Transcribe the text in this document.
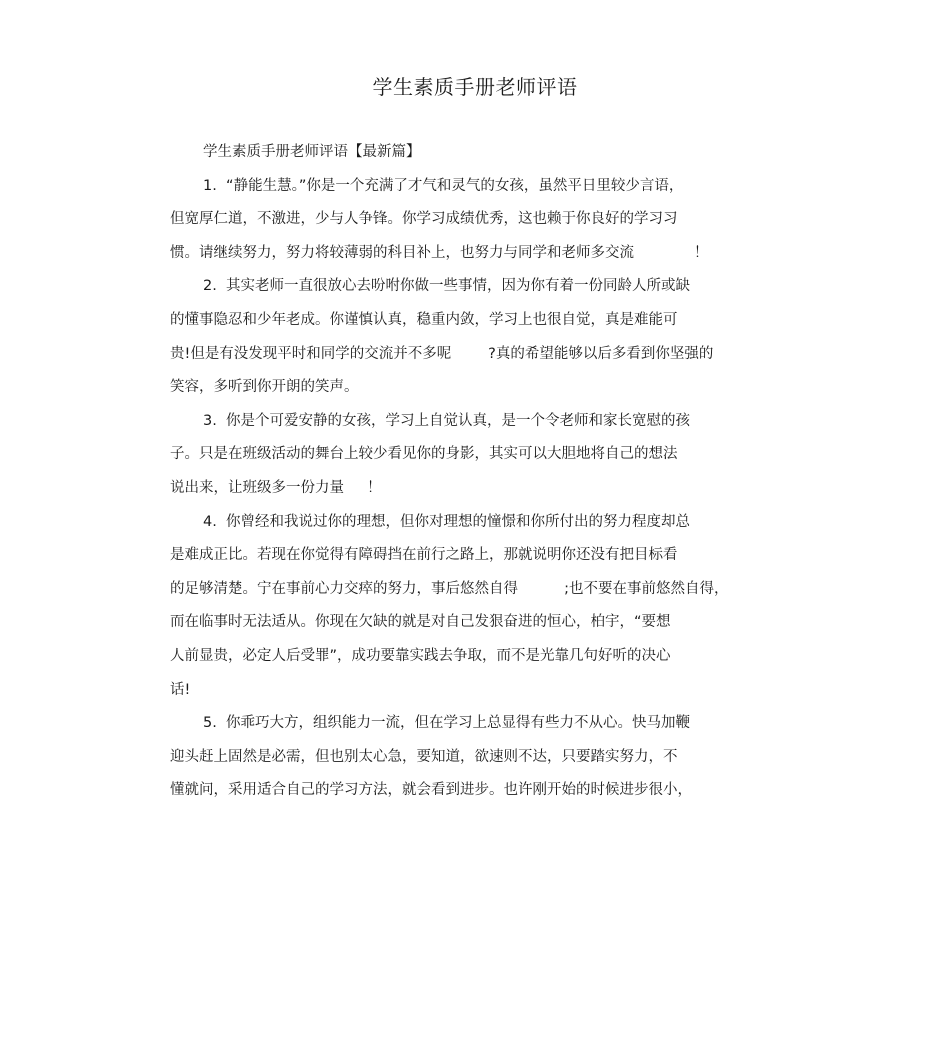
学生素质手册老师评语
学生素质手册老师评语【最新篇】
1.  “静能生慧。”你是一个充满了才气和灵气的女孩，虽然平日里较少言语，
但宽厚仁道，不激进，少与人争锋。你学习成绩优秀，这也赖于你良好的学习习
惯。请继续努力，努力将较薄弱的科目补上，也努力与同学和老师多交流             ！
2.  其实老师一直很放心去吩咐你做一些事情，因为你有着一份同龄人所或缺
的懂事隐忍和少年老成。你谨慎认真，稳重内敛，学习上也很自觉，真是难能可
贵!但是有没发现平时和同学的交流并不多呢        ?真的希望能够以后多看到你坚强的
笑容，多听到你开朗的笑声。
3.  你是个可爱安静的女孩，学习上自觉认真，是一个令老师和家长宽慰的孩
子。只是在班级活动的舞台上较少看见你的身影，其实可以大胆地将自己的想法
说出来，让班级多一份力量     ！
4.  你曾经和我说过你的理想，但你对理想的憧憬和你所付出的努力程度却总
是难成正比。若现在你觉得有障碍挡在前行之路上，那就说明你还没有把目标看
的足够清楚。宁在事前心力交瘁的努力，事后悠然自得          ;也不要在事前悠然自得，
而在临事时无法适从。你现在欠缺的就是对自己发狠奋进的恒心，柏宇，“要想
人前显贵，必定人后受罪”，成功要靠实践去争取，而不是光靠几句好听的决心
话!
5.  你乖巧大方，组织能力一流，但在学习上总显得有些力不从心。快马加鞭
迎头赶上固然是必需，但也别太心急，要知道，欲速则不达，只要踏实努力，不
懂就问，采用适合自己的学习方法，就会看到进步。也许刚开始的时候进步很小，
